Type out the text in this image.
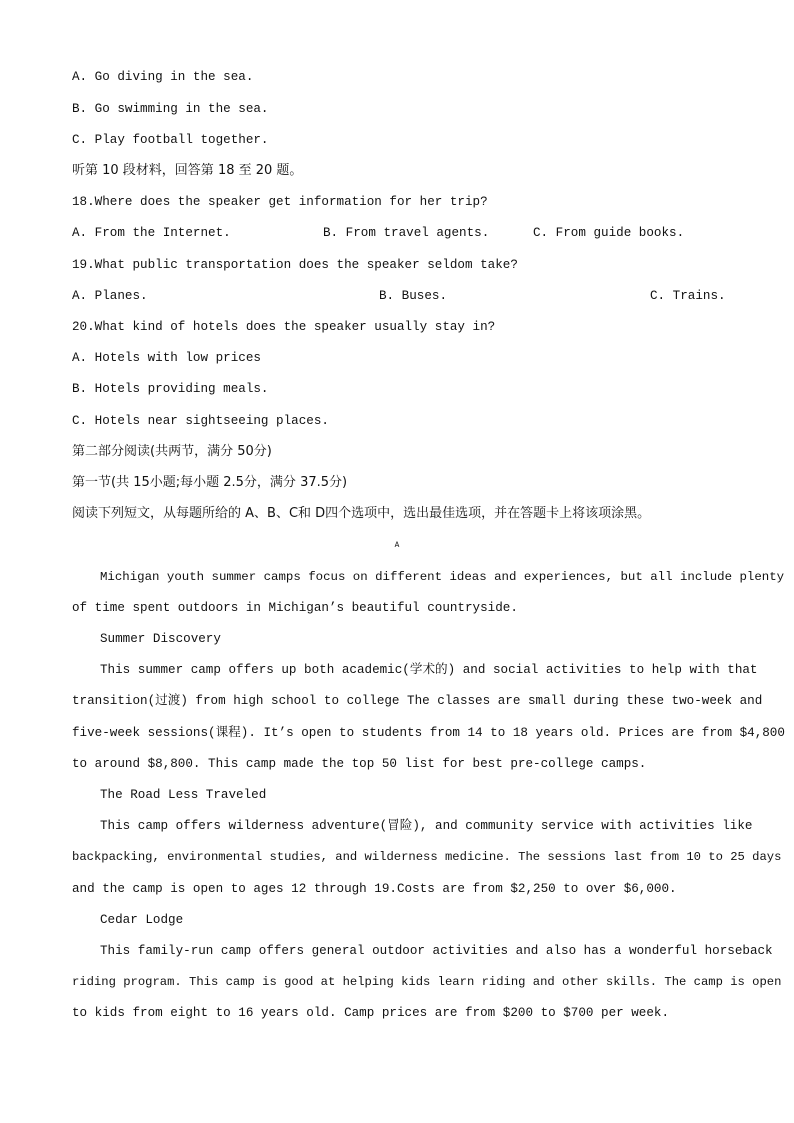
A. Go diving in the sea.
B. Go swimming in the sea.
C. Play football together.
听第 10 段材料，回答第 18 至 20 题。
18.Where does the speaker get information for her trip?
A. From the Internet.	B. From travel agents.	C. From guide books.
19.What public transportation does the speaker seldom take?
A. Planes.	B. Buses.	C. Trains.
20.What kind of hotels does the speaker usually stay in?
A. Hotels with low prices
B. Hotels providing meals.
C. Hotels near sightseeing places.
第二部分阅读(共两节，满分 50分)
第一节(共 15小题;每小题 2.5分，满分 37.5分)
阅读下列短文，从每题所给的 A、B、C和 D四个选项中，选出最佳选项，并在答题卡上将该项涂黑。
A
Michigan youth summer camps focus on different ideas and experiences, but all include plenty
of time spent outdoors in Michigan’s beautiful countryside.
Summer Discovery
This summer camp offers up both academic(学术的) and social activities to help with that
transition(过渡) from high school to college The classes are small during these two-week and
five-week sessions(课程). It’s open to students from 14 to 18 years old. Prices are from $4,800
to around $8,800. This camp made the top 50 list for best pre-college camps.
The Road Less Traveled
This camp offers wilderness adventure(冒险), and community service with activities like
backpacking, environmental studies, and wilderness medicine. The sessions last from 10 to 25 days
and the camp is open to ages 12 through 19.Costs are from $2,250 to over $6,000.
Cedar Lodge
This family-run camp offers general outdoor activities and also has a wonderful horseback
riding program. This camp is good at helping kids learn riding and other skills. The camp is open
to kids from eight to 16 years old. Camp prices are from $200 to $700 per week.
